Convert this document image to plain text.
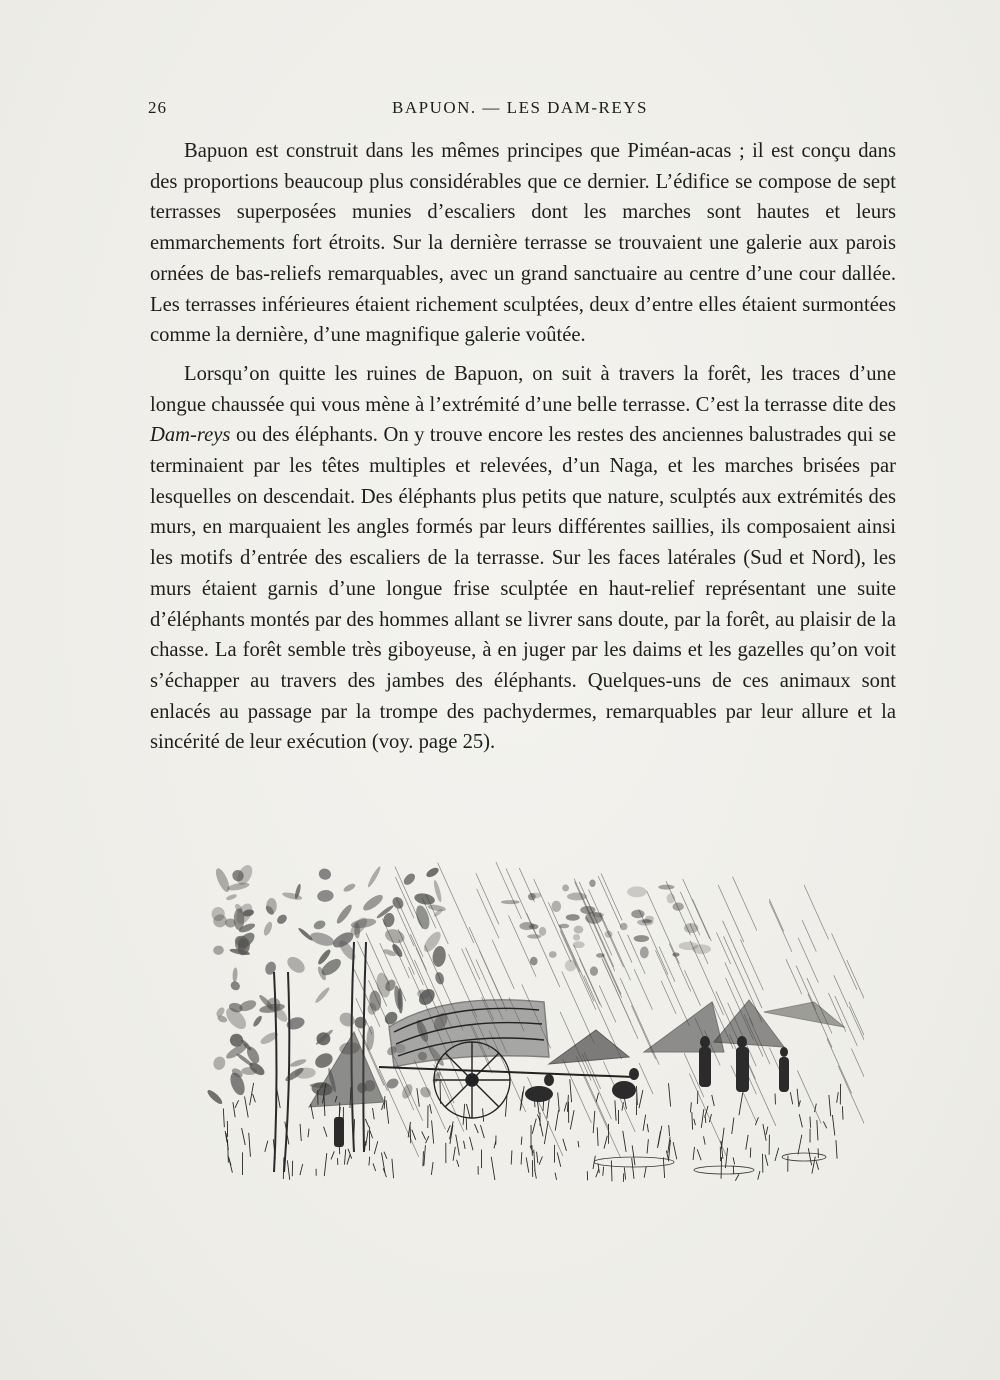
26	BAPUON. — LES DAM-REYS

Bapuon est construit dans les mêmes principes que Piméan-acas ; il est conçu dans des proportions beaucoup plus considérables que ce dernier. L’édifice se compose de sept terrasses superposées munies d’escaliers dont les marches sont hautes et leurs emmarchements fort étroits. Sur la dernière terrasse se trouvaient une galerie aux parois ornées de bas-reliefs remarquables, avec un grand sanctuaire au centre d’une cour dallée. Les terrasses inférieures étaient richement sculptées, deux d’entre elles étaient surmontées comme la dernière, d’une magnifique galerie voûtée.

Lorsqu’on quitte les ruines de Bapuon, on suit à travers la forêt, les traces d’une longue chaussée qui vous mène à l’extrémité d’une belle terrasse. C’est la terrasse dite des Dam-reys ou des éléphants. On y trouve encore les restes des anciennes balustrades qui se terminaient par les têtes multiples et relevées, d’un Naga, et les marches brisées par lesquelles on descendait. Des éléphants plus petits que nature, sculptés aux extrémités des murs, en marquaient les angles formés par leurs différentes saillies, ils composaient ainsi les motifs d’entrée des escaliers de la terrasse. Sur les faces latérales (Sud et Nord), les murs étaient garnis d’une longue frise sculptée en haut-relief représentant une suite d’éléphants montés par des hommes allant se livrer sans doute, par la forêt, au plaisir de la chasse. La forêt semble très giboyeuse, à en juger par les daims et les gazelles qu’on voit s’échapper au travers des jambes des éléphants. Quelques-uns de ces animaux sont enlacés au passage par la trompe des pachydermes, remarquables par leur allure et la sincérité de leur exécution (voy. page 25).
